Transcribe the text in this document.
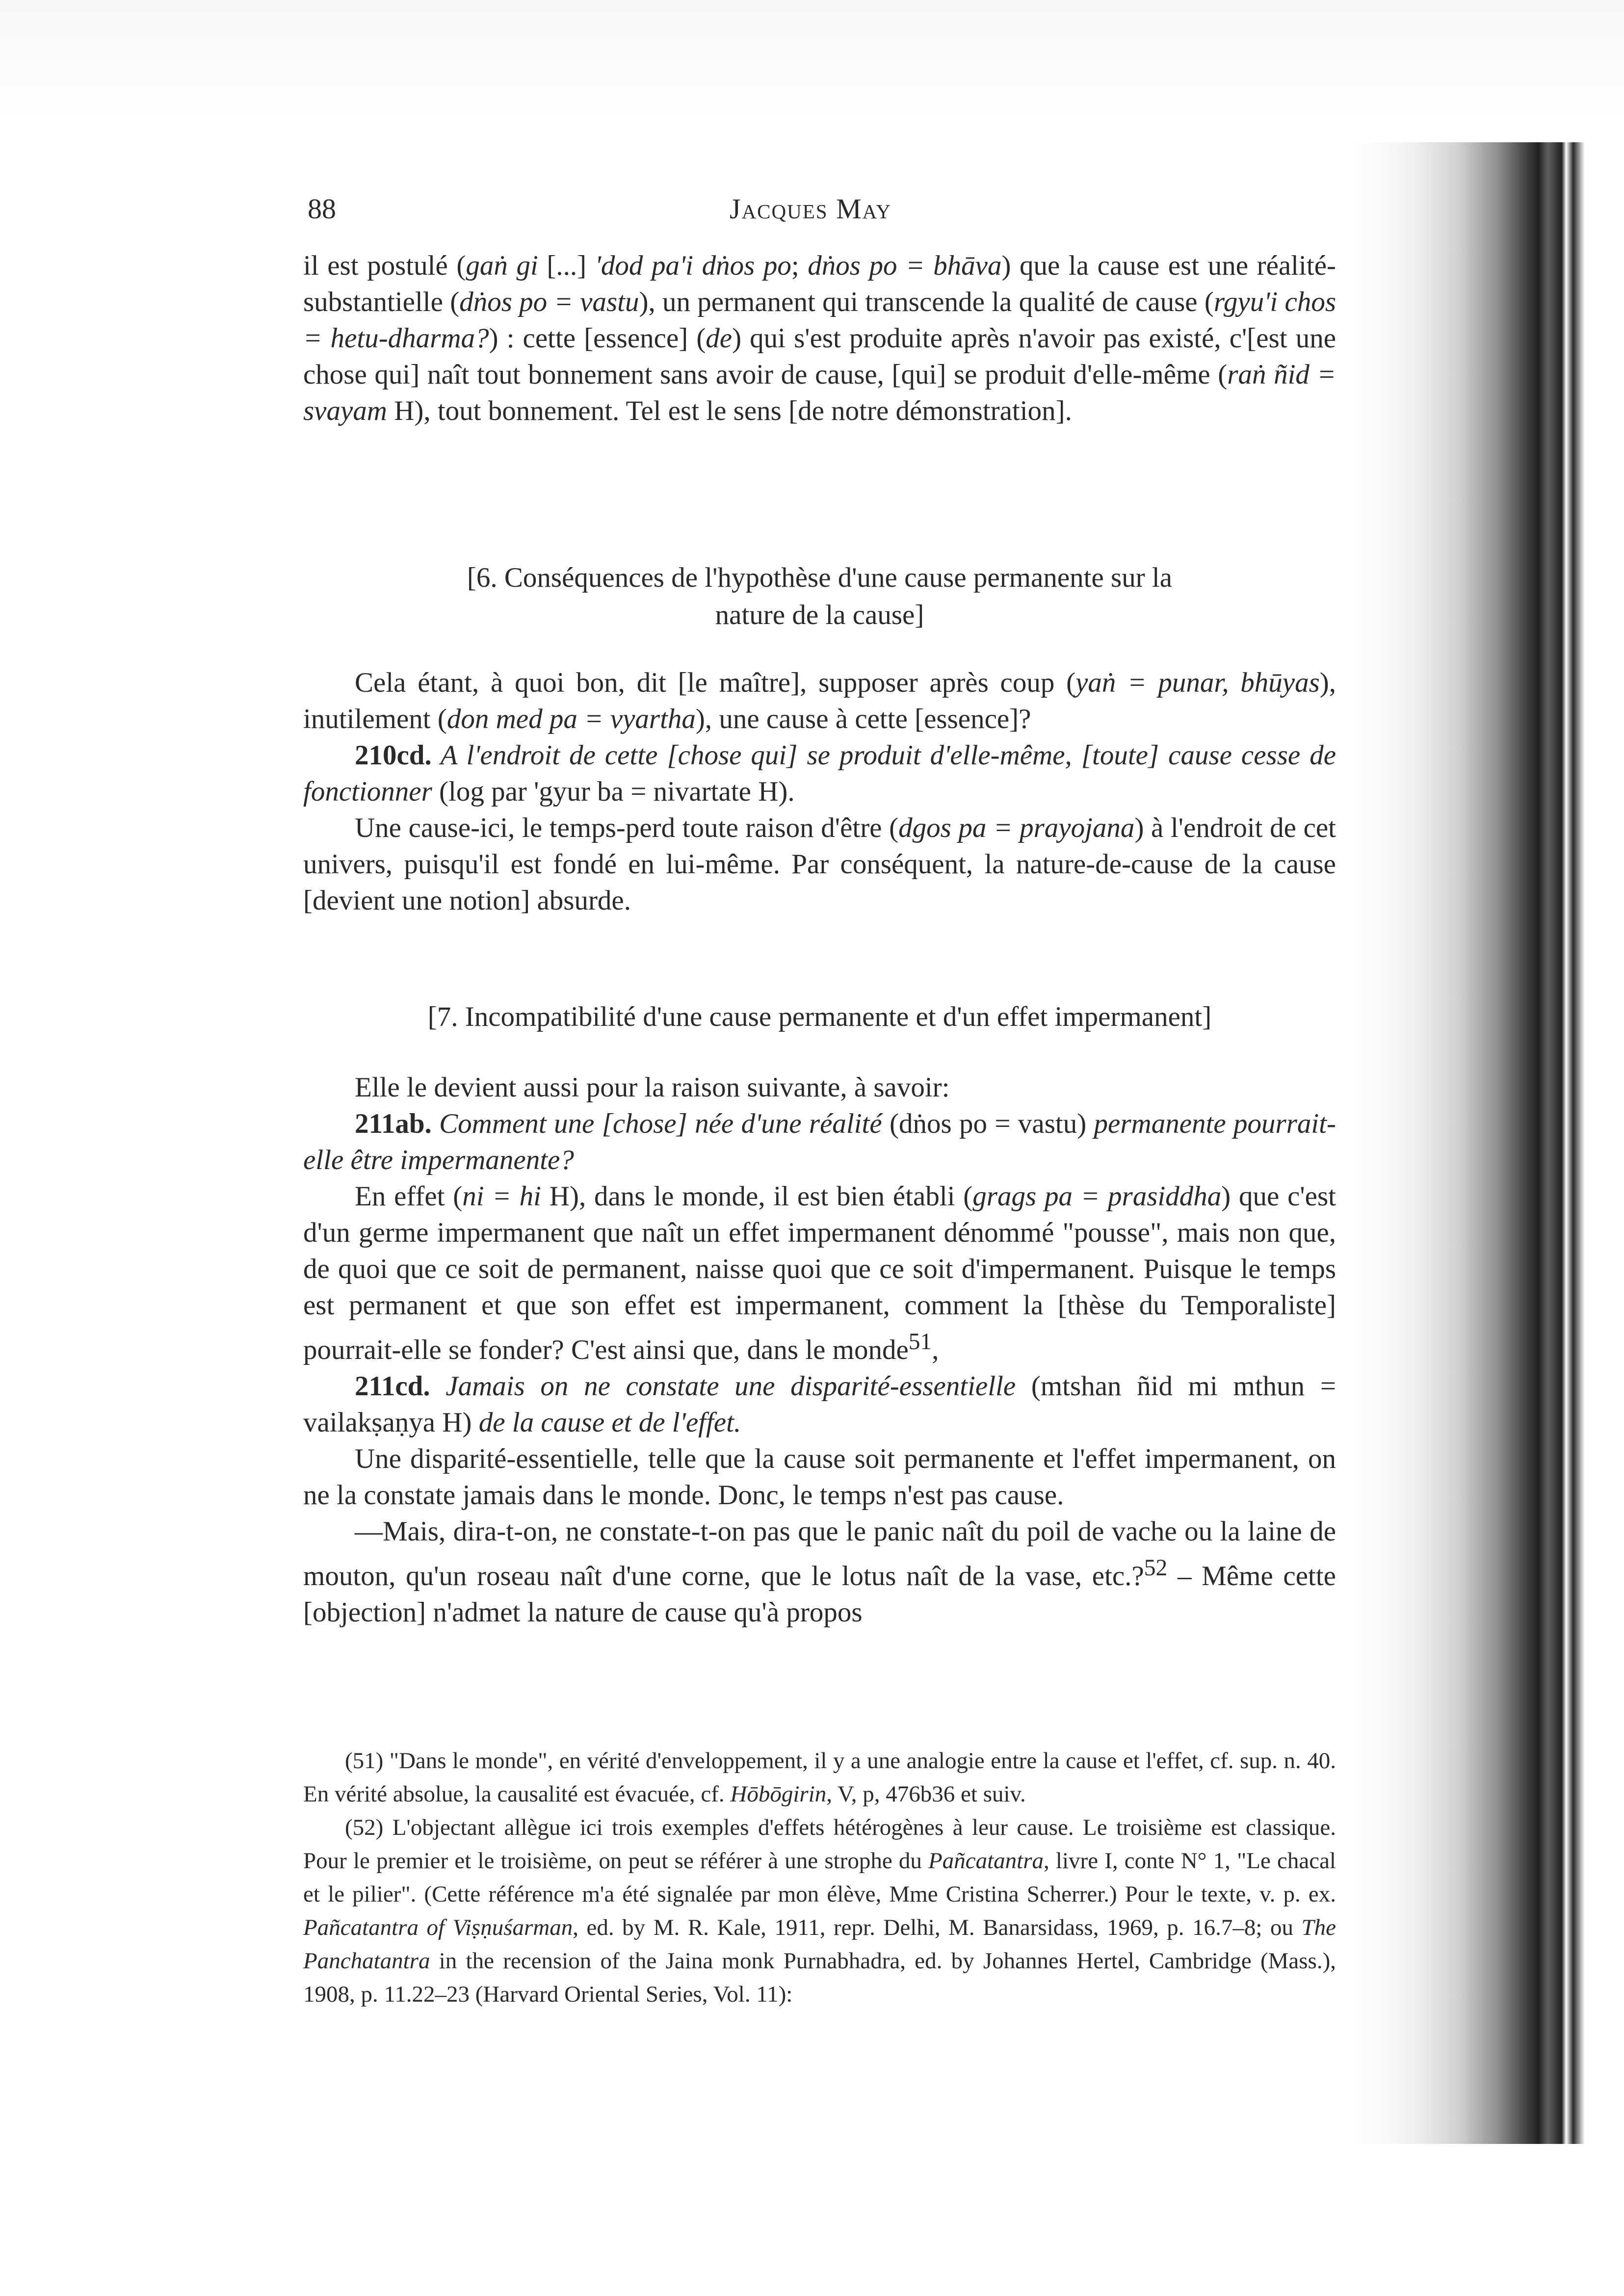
88	Jacques May

il est postulé (gaṅ gi [...] 'dod pa'i dṅos po; dṅos po = bhāva) que la cause est une réalité-substantielle (dṅos po = vastu), un permanent qui transcende la qualité de cause (rgyu'i chos = hetu-dharma?) : cette [essence] (de) qui s'est produite après n'avoir pas existé, c'[est une chose qui] naît tout bonnement sans avoir de cause, [qui] se produit d'elle-même (raṅ ñid = svayam H), tout bonnement. Tel est le sens [de notre démonstration].

[6. Conséquences de l'hypothèse d'une cause permanente sur la
nature de la cause]

Cela étant, à quoi bon, dit [le maître], supposer après coup (yaṅ = punar, bhūyas), inutilement (don med pa = vyartha), une cause à cette [essence]?

210cd. A l'endroit de cette [chose qui] se produit d'elle-même, [toute] cause cesse de fonctionner (log par 'gyur ba = nivartate H).

Une cause-ici, le temps-perd toute raison d'être (dgos pa = prayojana) à l'endroit de cet univers, puisqu'il est fondé en lui-même. Par conséquent, la nature-de-cause de la cause [devient une notion] absurde.

[7. Incompatibilité d'une cause permanente et d'un effet impermanent]

Elle le devient aussi pour la raison suivante, à savoir:

211ab. Comment une [chose] née d'une réalité (dṅos po = vastu) permanente pourrait-elle être impermanente?

En effet (ni = hi H), dans le monde, il est bien établi (grags pa = prasiddha) que c'est d'un germe impermanent que naît un effet impermanent dénommé "pousse", mais non que, de quoi que ce soit de permanent, naisse quoi que ce soit d'impermanent. Puisque le temps est permanent et que son effet est impermanent, comment la [thèse du Temporaliste] pourrait-elle se fonder? C'est ainsi que, dans le monde$^{51}$,

211cd. Jamais on ne constate une disparité-essentielle (mtshan ñid mi mthun = vailakṣaṇya H) de la cause et de l'effet.

Une disparité-essentielle, telle que la cause soit permanente et l'effet impermanent, on ne la constate jamais dans le monde. Donc, le temps n'est pas cause.

—Mais, dira-t-on, ne constate-t-on pas que le panic naît du poil de vache ou la laine de mouton, qu'un roseau naît d'une corne, que le lotus naît de la vase, etc.?$^{52}$ – Même cette [objection] n'admet la nature de cause qu'à propos

(51) "Dans le monde", en vérité d'enveloppement, il y a une analogie entre la cause et l'effet, cf. sup. n. 40. En vérité absolue, la causalité est évacuée, cf. Hōbōgirin, V, p, 476b36 et suiv.

(52) L'objectant allègue ici trois exemples d'effets hétérogènes à leur cause. Le troisième est classique. Pour le premier et le troisième, on peut se référer à une strophe du Pañcatantra, livre I, conte N° 1, "Le chacal et le pilier". (Cette référence m'a été signalée par mon élève, Mme Cristina Scherrer.) Pour le texte, v. p. ex. Pañcatantra of Viṣṇuśarman, ed. by M. R. Kale, 1911, repr. Delhi, M. Banarsidass, 1969, p. 16.7–8; ou The Panchatantra in the recension of the Jaina monk Purnabhadra, ed. by Johannes Hertel, Cambridge (Mass.), 1908, p. 11.22–23 (Harvard Oriental Series, Vol. 11):
